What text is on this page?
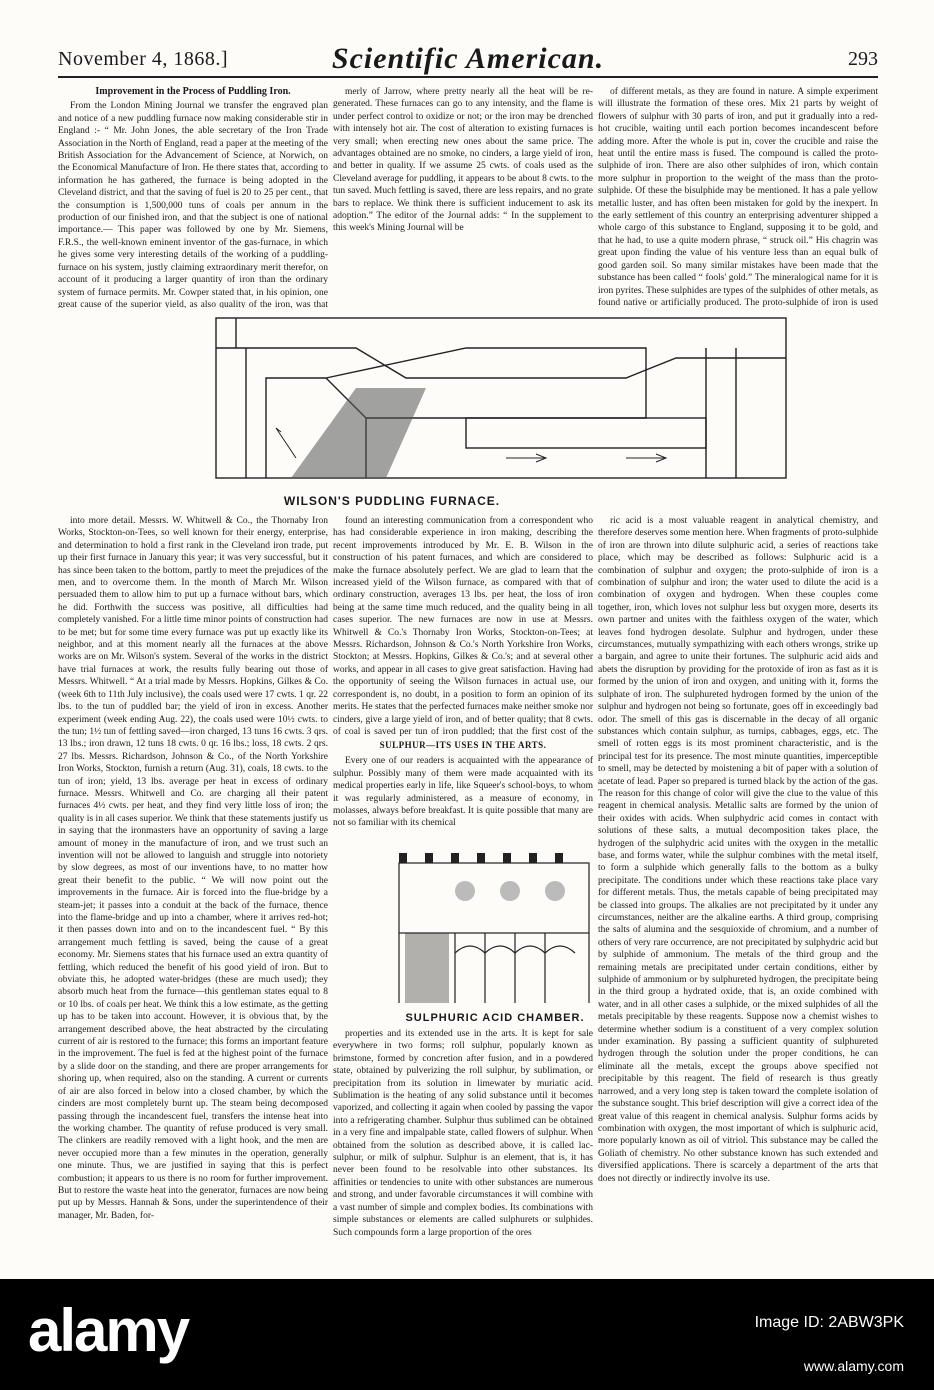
November 4, 1868.]	Scientific American.	293
Improvement in the Process of Puddling Iron.

From the London Mining Journal we transfer the engraved plan and notice of a new puddling furnace now making considerable stir in England :- “ Mr. John Jones, the able secretary of the Iron Trade Association in the North of England, read a paper at the meeting of the British Association for the Advancement of Science, at Norwich, on the Economical Manufacture of Iron. He there states that, according to information he has gathered, the furnace is being adopted in the Cleveland district, and that the saving of fuel is 20 to 25 per cent., that the consumption is 1,500,000 tuns of coals per annum in the production of our finished iron, and that the subject is one of national importance.— This paper was followed by one by Mr. Siemens, F.R.S., the well-known eminent inventor of the gas-furnace, in which he gives some very interesting details of the working of a puddling-furnace on his system, justly claiming extraordinary merit therefor, on account of it producing a larger quantity of iron than the ordinary system of furnace permits. Mr. Cowper stated that, in his opinion, one great cause of the superior yield, as also quality of the iron, was that

merly of Jarrow, where pretty nearly all the heat will be re-generated. These furnaces can go to any intensity, and the flame is under perfect control to oxidize or not; or the iron may be drenched with intensely hot air. The cost of alteration to existing furnaces is very small; when erecting new ones about the same price. The advantages obtained are no smoke, no cinders, a large yield of iron, and better in quality. If we assume 25 cwts. of coals used as the Cleveland average for puddling, it appears to be about 8 cwts. to the tun saved. Much fettling is saved, there are less repairs, and no grate bars to replace. We think there is sufficient inducement to ask its adoption.” The editor of the Journal adds: “ In the supplement to this week's Mining Journal will be

of different metals, as they are found in nature. A simple experiment will illustrate the formation of these ores. Mix 21 parts by weight of flowers of sulphur with 30 parts of iron, and put it gradually into a red-hot crucible, waiting until each portion becomes incandescent before adding more. After the whole is put in, cover the crucible and raise the heat until the entire mass is fused. The compound is called the proto-sulphide of iron. There are also other sulphides of iron, which contain more sulphur in proportion to the weight of the mass than the proto-sulphide. Of these the bisulphide may be mentioned. It has a pale yellow metallic luster, and has often been mistaken for gold by the inexpert. In the early settlement of this country an enterprising adventurer shipped a whole cargo of this substance to England, supposing it to be gold, and that he had, to use a quite modern phrase, “ struck oil.” His chagrin was great upon finding the value of his venture less than an equal bulk of good garden soil. So many similar mistakes have been made that the substance has been called “ fools' gold.” The mineralogical name for it is iron pyrites. These sulphides are types of the sulphides of other metals, as found native or artificially produced. The proto-sulphide of iron is used

WILSON'S PUDDLING FURNACE.

into more detail. Messrs. W. Whitwell & Co., the Thornaby Iron Works, Stockton-on-Tees, so well known for their energy, enterprise, and determination to hold a first rank in the Cleveland iron trade, put up their first furnace in January this year; it was very successful, but it has since been taken to the bottom, partly to meet the prejudices of the men, and to overcome them. In the month of March Mr. Wilson persuaded them to allow him to put up a furnace without bars, which he did. Forthwith the success was positive, all difficulties had completely vanished. For a little time minor points of construction had to be met; but for some time every furnace was put up exactly like its neighbor, and at this moment nearly all the furnaces at the above works are on Mr. Wilson's system. Several of the works in the district have trial furnaces at work, the results fully bearing out those of Messrs. Whitwell. “ At a trial made by Messrs. Hopkins, Gilkes & Co. (week 6th to 11th July inclusive), the coals used were 17 cwts. 1 qr. 22 lbs. to the tun of puddled bar; the yield of iron in excess. Another experiment (week ending Aug. 22), the coals used were 10½ cwts. to the tun; 1½ tun of fettling saved—iron charged, 13 tuns 16 cwts. 3 qrs. 13 lbs.; iron drawn, 12 tuns 18 cwts. 0 qr. 16 lbs.; loss, 18 cwts. 2 qrs. 27 lbs. Messrs. Richardson, Johnson & Co., of the North Yorkshire Iron Works, Stockton, furnish a return (Aug. 31), coals, 18 cwts. to the tun of iron; yield, 13 lbs. average per heat in excess of ordinary furnace. Messrs. Whitwell and Co. are charging all their patent furnaces 4½ cwts. per heat, and they find very little loss of iron; the quality is in all cases superior. We think that these statements justify us in saying that the ironmasters have an opportunity of saving a large amount of money in the manufacture of iron, and we trust such an invention will not be allowed to languish and struggle into notoriety by slow degrees, as most of our inventions have, to no matter how great their benefit to the public. “ We will now point out the improvements in the furnace. Air is forced into the flue-bridge by a steam-jet; it passes into a conduit at the back of the furnace, thence into the flame-bridge and up into a chamber, where it arrives red-hot; it then passes down into and on to the incandescent fuel. “ By this arrangement much fettling is saved, being the cause of a great economy. Mr. Siemens states that his furnace used an extra quantity of fettling, which reduced the benefit of his good yield of iron. But to obviate this, he adopted water-bridges (these are much used); they absorb much heat from the furnace—this gentleman states equal to 8 or 10 lbs. of coals per heat. We think this a low estimate, as the getting up has to be taken into account. However, it is obvious that, by the arrangement described above, the heat abstracted by the circulating current of air is restored to the furnace; this forms an important feature in the improvement. The fuel is fed at the highest point of the furnace by a slide door on the standing, and there are proper arrangements for shoring up, when required, also on the standing. A current or currents of air are also forced in below into a closed chamber, by which the cinders are most completely burnt up. The steam being decomposed passing through the incandescent fuel, transfers the intense heat into the working chamber. The quantity of refuse produced is very small. The clinkers are readily removed with a light hook, and the men are never occupied more than a few minutes in the operation, generally one minute. Thus, we are justified in saying that this is perfect combustion; it appears to us there is no room for further improvement. But to restore the waste heat into the generator, furnaces are now being put up by Messrs. Hannah & Sons, under the superintendence of their manager, Mr. Baden, for-

found an interesting communication from a correspondent who has had considerable experience in iron making, describing the recent improvements introduced by Mr. E. B. Wilson in the construction of his patent furnaces, and which are considered to make the furnace absolutely perfect. We are glad to learn that the increased yield of the Wilson furnace, as compared with that of ordinary construction, averages 13 lbs. per heat, the loss of iron being at the same time much reduced, and the quality being in all cases superior. The new furnaces are now in use at Messrs. Whitwell & Co.'s Thornaby Iron Works, Stockton-on-Tees; at Messrs. Richardson, Johnson & Co.'s North Yorkshire Iron Works, Stockton; at Messrs. Hopkins, Gilkes & Co.'s; and at several other works, and appear in all cases to give great satisfaction. Having had the opportunity of seeing the Wilson furnaces in actual use, our correspondent is, no doubt, in a position to form an opinion of its merits. He states that the perfected furnaces make neither smoke nor cinders, give a large yield of iron, and of better quality; that 8 cwts. of coal is saved per tun of iron puddled; that the first cost of the

SULPHUR—ITS USES IN THE ARTS.

Every one of our readers is acquainted with the appearance of sulphur. Possibly many of them were made acquainted with its medical properties early in life, like Squeer's school-boys, to whom it was regularly administered, as a measure of economy, in molasses, always before breakfast. It is quite possible that many are not so familiar with its chemical

SULPHURIC ACID CHAMBER.

properties and its extended use in the arts. It is kept for sale everywhere in two forms; roll sulphur, popularly known as brimstone, formed by concretion after fusion, and in a powdered state, obtained by pulverizing the roll sulphur, by sublimation, or precipitation from its solution in limewater by muriatic acid. Sublimation is the heating of any solid substance until it becomes vaporized, and collecting it again when cooled by passing the vapor into a refrigerating chamber. Sulphur thus sublimed can be obtained in a very fine and impalpable state, called flowers of sulphur. When obtained from the solution as described above, it is called lac-sulphur, or milk of sulphur. Sulphur is an element, that is, it has never been found to be resolvable into other substances. Its affinities or tendencies to unite with other substances are numerous and strong, and under favorable circumstances it will combine with a vast number of simple and complex bodies. Its combinations with simple substances or elements are called sulphurets or sulphides. Such compounds form a large proportion of the ores

ric acid is a most valuable reagent in analytical chemistry, and therefore deserves some mention here. When fragments of proto-sulphide of iron are thrown into dilute sulphuric acid, a series of reactions take place, which may be described as follows: Sulphuric acid is a combination of sulphur and oxygen; the proto-sulphide of iron is a combination of sulphur and iron; the water used to dilute the acid is a combination of oxygen and hydrogen. When these couples come together, iron, which loves not sulphur less but oxygen more, deserts its own partner and unites with the faithless oxygen of the water, which leaves fond hydrogen desolate. Sulphur and hydrogen, under these circumstances, mutually sympathizing with each others wrongs, strike up a bargain, and agree to unite their fortunes. The sulphuric acid aids and abets the disruption by providing for the protoxide of iron as fast as it is formed by the union of iron and oxygen, and uniting with it, forms the sulphate of iron. The sulphureted hydrogen formed by the union of the sulphur and hydrogen not being so fortunate, goes off in exceedingly bad odor. The smell of this gas is discernable in the decay of all organic substances which contain sulphur, as turnips, cabbages, eggs, etc. The smell of rotten eggs is its most prominent characteristic, and is the principal test for its presence. The most minute quantities, imperceptible to smell, may be detected by moistening a bit of paper with a solution of acetate of lead. Paper so prepared is turned black by the action of the gas. The reason for this change of color will give the clue to the value of this reagent in chemical analysis. Metallic salts are formed by the union of their oxides with acids. When sulphydric acid comes in contact with solutions of these salts, a mutual decomposition takes place, the hydrogen of the sulphydric acid unites with the oxygen in the metallic base, and forms water, while the sulphur combines with the metal itself, to form a sulphide which generally falls to the bottom as a bulky precipitate. The conditions under which these reactions take place vary for different metals. Thus, the metals capable of being precipitated may be classed into groups. The alkalies are not precipitated by it under any circumstances, neither are the alkaline earths. A third group, comprising the salts of alumina and the sesquioxide of chromium, and a number of others of very rare occurrence, are not precipitated by sulphydric acid but by sulphide of ammonium. The metals of the third group and the remaining metals are precipitated under certain conditions, either by sulphide of ammonium or by sulphureted hydrogen, the precipitate being in the third group a hydrated oxide, that is, an oxide combined with water, and in all other cases a sulphide, or the mixed sulphides of all the metals precipitable by these reagents. Suppose now a chemist wishes to determine whether sodium is a constituent of a very complex solution under examination. By passing a sufficient quantity of sulphureted hydrogen through the solution under the proper conditions, he can eliminate all the metals, except the groups above specified not precipitable by this reagent. The field of research is thus greatly narrowed, and a very long step is taken toward the complete isolation of the substance sought. This brief description will give a correct idea of the great value of this reagent in chemical analysis. Sulphur forms acids by combination with oxygen, the most important of which is sulphuric acid, more popularly known as oil of vitriol. This substance may be called the Goliath of chemistry. No other substance known has such extended and diversified applications. There is scarcely a department of the arts that does not directly or indirectly involve its use.

alamy	Image ID: 2ABW3PK
www.alamy.com
